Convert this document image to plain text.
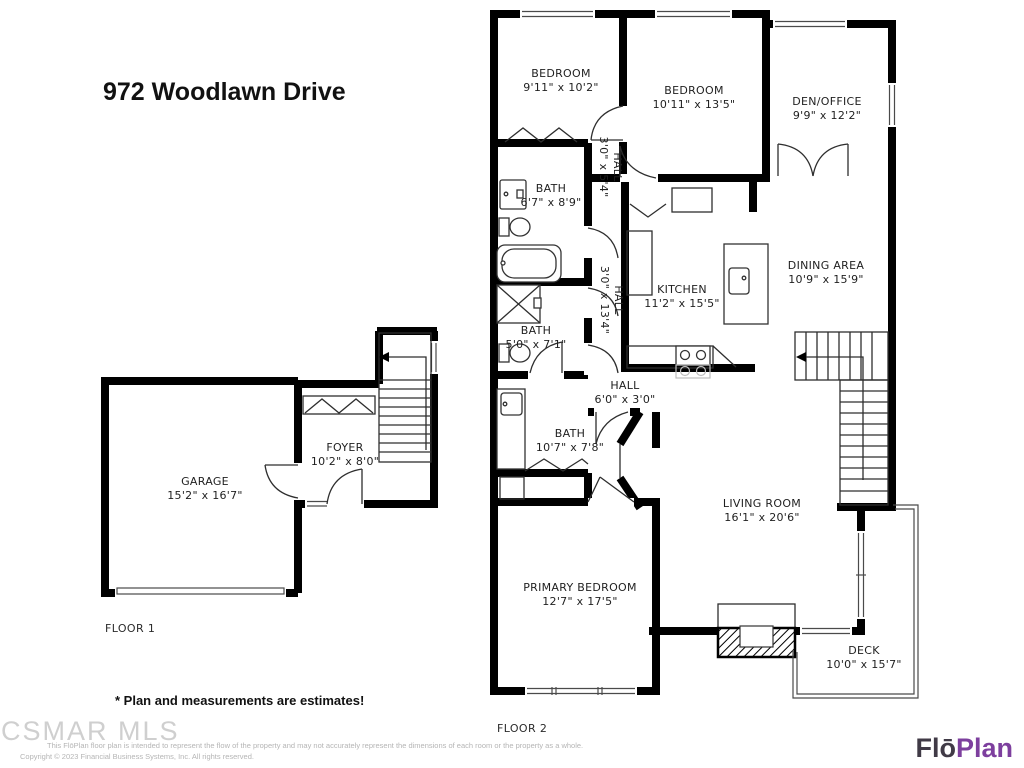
BEDROOM
9'11" x 10'2"	BEDROOM
10'11" x 13'5"	DEN/OFFICE
9'9" x 12'2"
BATH
6'7" x 8'9"
HALL
3'0" x 5'4"
KITCHEN
11'2" x 15'5"
DINING AREA
10'9" x 15'9"
HALL
3'0" x 13'4"
BATH
5'0" x 7'1"
HALL
6'0" x 3'0"
BATH
10'7" x 7'8"
PRIMARY BEDROOM
12'7" x 17'5"
LIVING ROOM
16'1" x 20'6"
DECK
10'0" x 15'7"
GARAGE
15'2" x 16'7"
FOYER
10'2" x 8'0"
972 Woodlawn Drive
FLOOR 1
FLOOR 2
* Plan and measurements are estimates!
CSMAR MLS
This FlōPlan floor plan is intended to represent the flow of the property and may not accurately represent the dimensions of each room or the property as a whole.
Copyright © 2023 Financial Business Systems, Inc. All rights reserved.	FlōPlan
